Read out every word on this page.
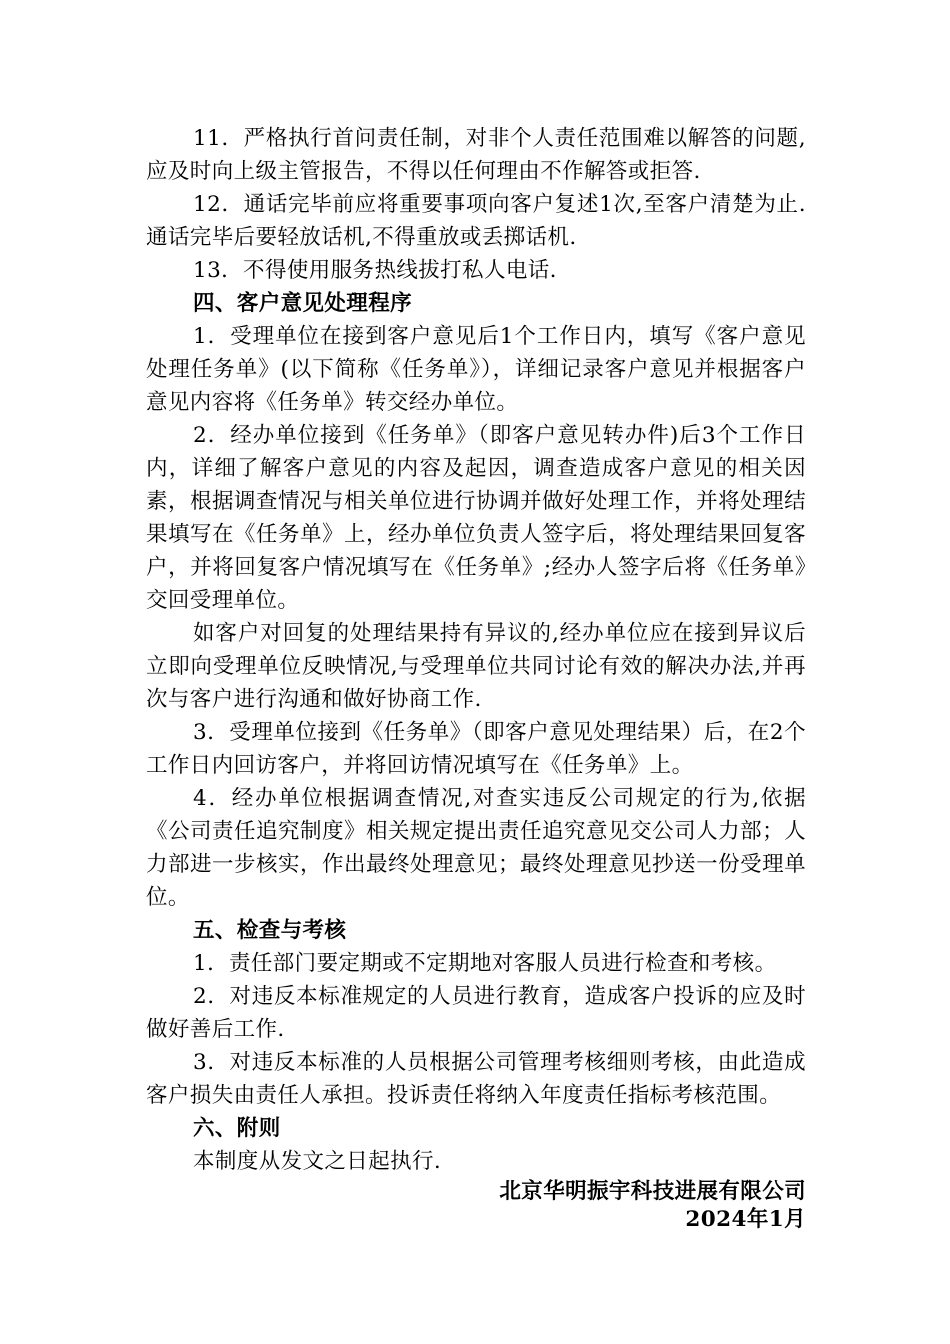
11．严格执行首问责任制，对非个人责任范围难以解答的问题,应及时向上级主管报告，不得以任何理由不作解答或拒答.

12．通话完毕前应将重要事项向客户复述1次,至客户清楚为止.通话完毕后要轻放话机,不得重放或丢掷话机.

13．不得使用服务热线拔打私人电话.

四、客户意见处理程序

1．受理单位在接到客户意见后1个工作日内，填写《客户意见处理任务单》(以下简称《任务单》），详细记录客户意见并根据客户意见内容将《任务单》转交经办单位。

2．经办单位接到《任务单》（即客户意见转办件)后3个工作日内，详细了解客户意见的内容及起因，调查造成客户意见的相关因素，根据调查情况与相关单位进行协调并做好处理工作，并将处理结果填写在《任务单》上，经办单位负责人签字后，将处理结果回复客户，并将回复客户情况填写在《任务单》;经办人签字后将《任务单》交回受理单位。

如客户对回复的处理结果持有异议的,经办单位应在接到异议后立即向受理单位反映情况,与受理单位共同讨论有效的解决办法,并再次与客户进行沟通和做好协商工作.

3．受理单位接到《任务单》（即客户意见处理结果）后，在2个工作日内回访客户，并将回访情况填写在《任务单》上。

4．经办单位根据调查情况,对查实违反公司规定的行为,依据《公司责任追究制度》相关规定提出责任追究意见交公司人力部；人力部进一步核实，作出最终处理意见；最终处理意见抄送一份受理单位。

五、检查与考核

1．责任部门要定期或不定期地对客服人员进行检查和考核。

2．对违反本标准规定的人员进行教育，造成客户投诉的应及时做好善后工作.

3．对违反本标准的人员根据公司管理考核细则考核，由此造成客户损失由责任人承担。投诉责任将纳入年度责任指标考核范围。

六、附则

本制度从发文之日起执行.

北京华明振宇科技进展有限公司

2024年1月
